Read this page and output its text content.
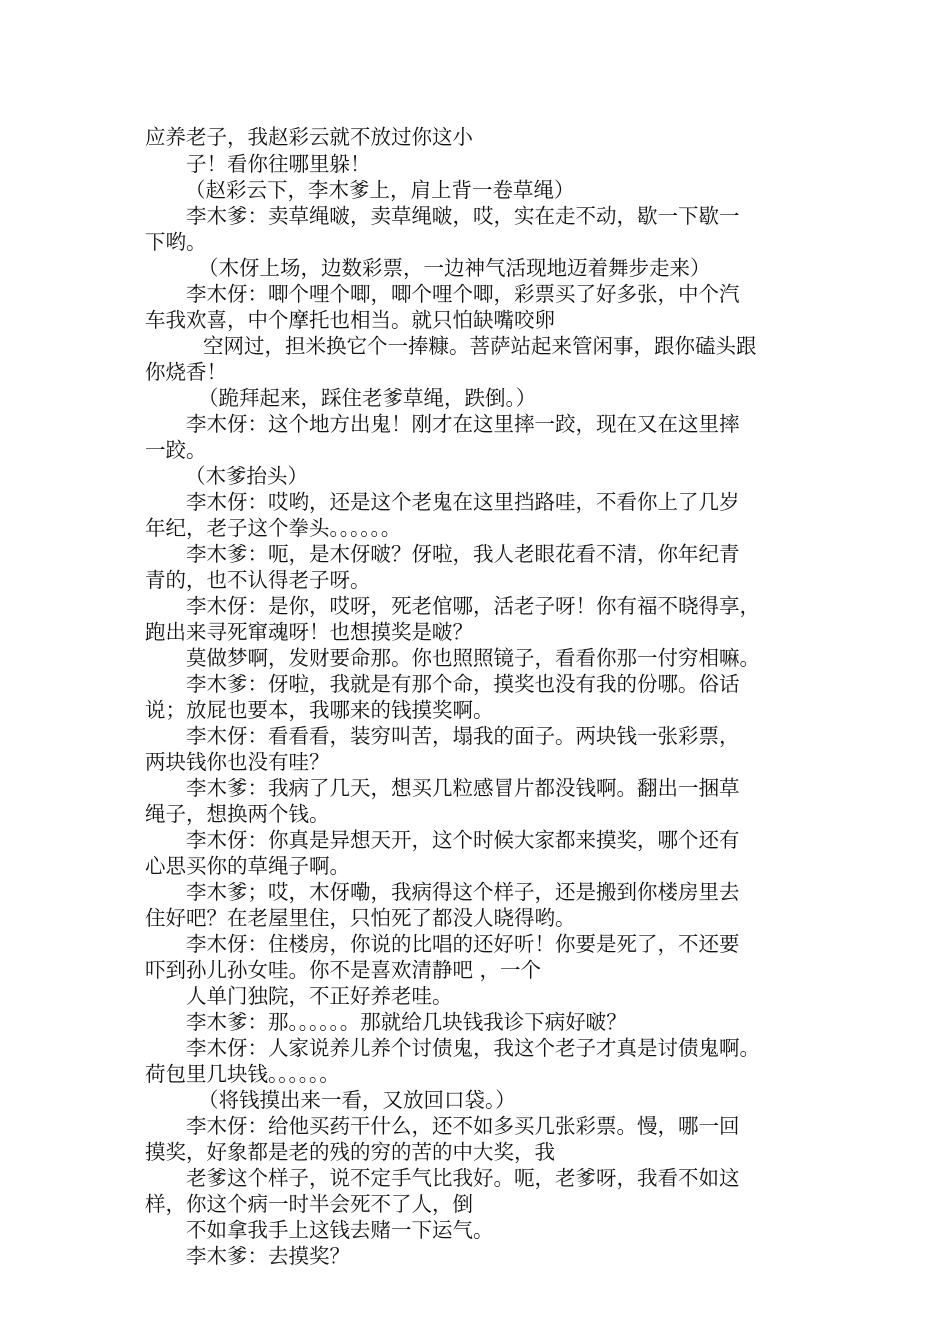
应养老子，我赵彩云就不放过你这小

子！看你往哪里躲！

（赵彩云下，李木爹上，肩上背一卷草绳）

李木爹：卖草绳啵，卖草绳啵，哎，实在走不动，歇一下歇一

下哟。

（木伢上场，边数彩票，一边神气活现地迈着舞步走来）

李木伢：唧个哩个唧，唧个哩个唧，彩票买了好多张，中个汽

车我欢喜，中个摩托也相当。就只怕缺嘴咬卵

空网过，担米换它个一捧糠。菩萨站起来管闲事，跟你磕头跟

你烧香！

（跪拜起来，踩住老爹草绳，跌倒。）

李木伢：这个地方出鬼！刚才在这里摔一跤，现在又在这里摔

一跤。

（木爹抬头）

李木伢：哎哟，还是这个老鬼在这里挡路哇，不看你上了几岁

年纪，老子这个拳头。。。。。。

李木爹：呃，是木伢啵？伢啦，我人老眼花看不清，你年纪青

青的，也不认得老子呀。

李木伢：是你，哎呀，死老倌哪，活老子呀！你有福不晓得享，

跑出来寻死窜魂呀！也想摸奖是啵？

莫做梦啊，发财要命那。你也照照镜子，看看你那一付穷相嘛。

李木爹：伢啦，我就是有那个命，摸奖也没有我的份哪。俗话

说；放屁也要本，我哪来的钱摸奖啊。

李木伢：看看看，装穷叫苦，塌我的面子。两块钱一张彩票，

两块钱你也没有哇？

李木爹：我病了几天，想买几粒感冒片都没钱啊。翻出一捆草

绳子，想换两个钱。

李木伢：你真是异想天开，这个时候大家都来摸奖，哪个还有

心思买你的草绳子啊。

李木爹；哎，木伢嘞，我病得这个样子，还是搬到你楼房里去

住好吧？在老屋里住，只怕死了都没人晓得哟。

李木伢：住楼房，你说的比唱的还好听！你要是死了，不还要

吓到孙儿孙女哇。你不是喜欢清静吧 ，一个

人单门独院，不正好养老哇。

李木爹：那。。。。。。那就给几块钱我诊下病好啵？

李木伢：人家说养儿养个讨债鬼，我这个老子才真是讨债鬼啊。

荷包里几块钱。。。。。。

（将钱摸出来一看，又放回口袋。）

李木伢：给他买药干什么，还不如多买几张彩票。慢，哪一回

摸奖，好象都是老的残的穷的苦的中大奖，我

老爹这个样子，说不定手气比我好。呃，老爹呀，我看不如这

样，你这个病一时半会死不了人，倒

不如拿我手上这钱去赌一下运气。

李木爹：去摸奖？
